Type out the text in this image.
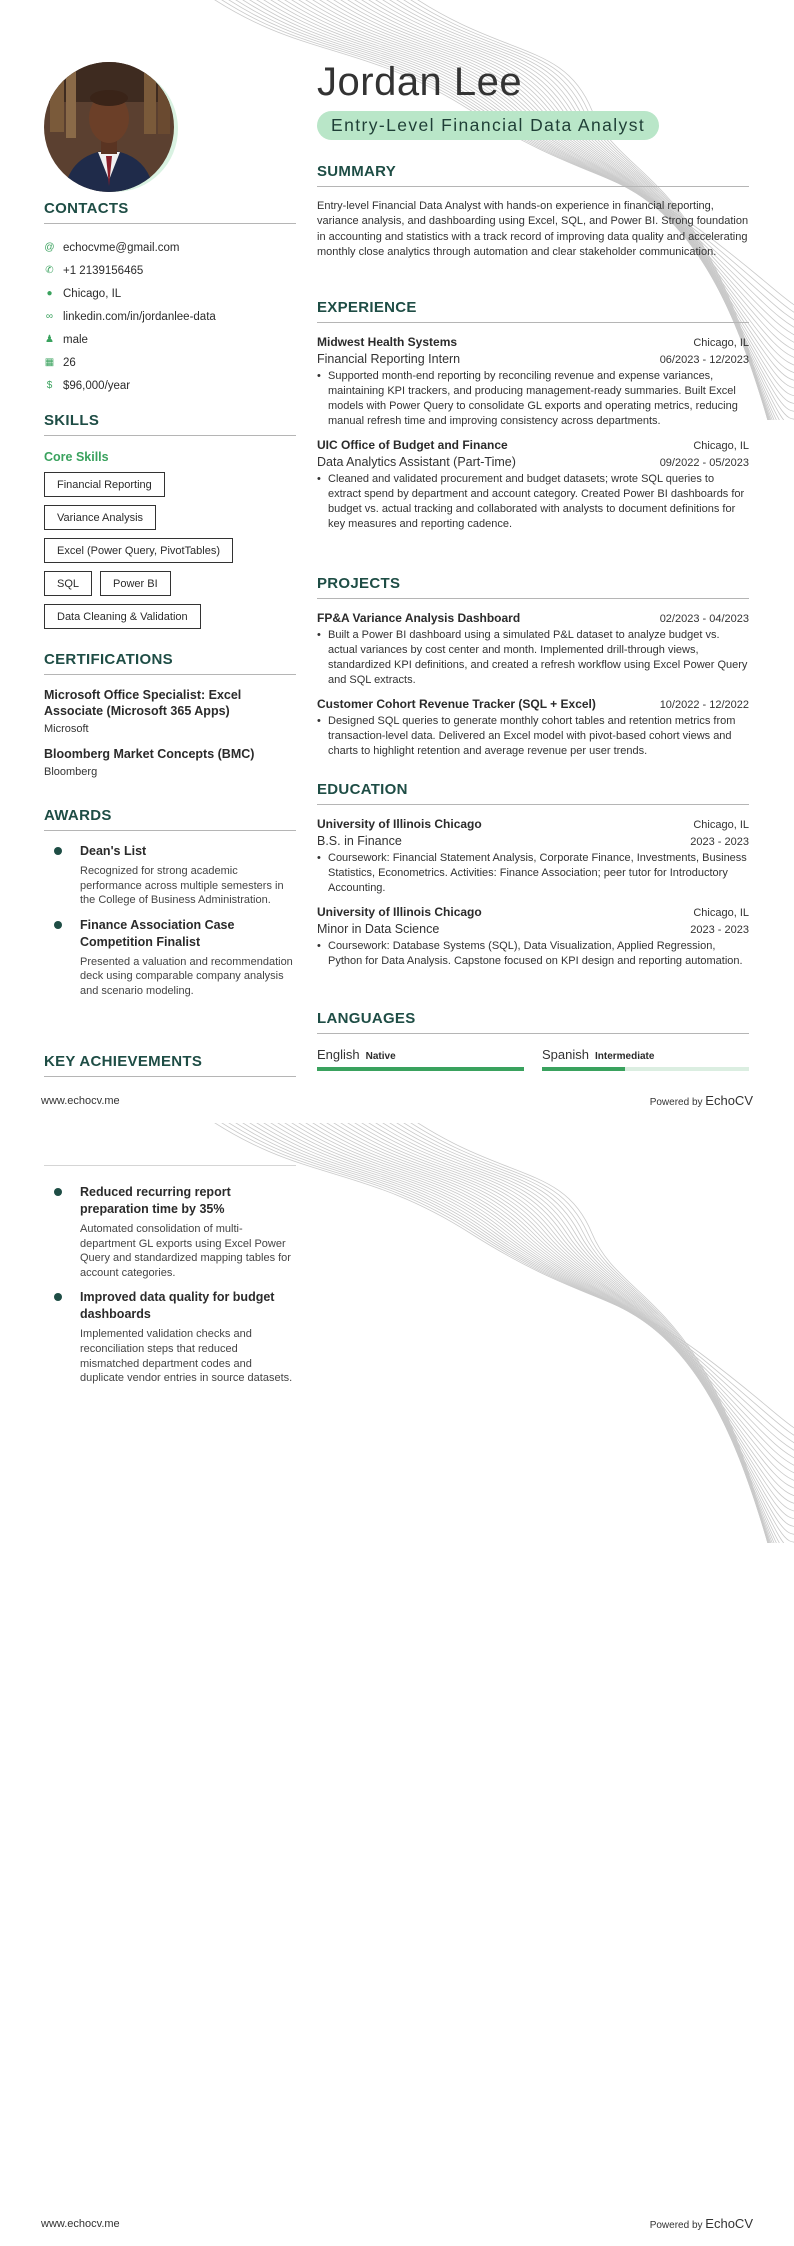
Jordan Lee
Entry-Level Financial Data Analyst
CONTACTS
@ echocvme@gmail.com
✆ +1 2139156465
● Chicago, IL
∞ linkedin.com/in/jordanlee-data
♟ male
▦ 26
$ $96,000/year
SKILLS
Core Skills
Financial Reporting
Variance Analysis
Excel (Power Query, PivotTables)
SQL	Power BI
Data Cleaning & Validation
CERTIFICATIONS
Microsoft Office Specialist: Excel Associate (Microsoft 365 Apps)
Microsoft
Bloomberg Market Concepts (BMC)
Bloomberg
AWARDS
Dean's List
Recognized for strong academic performance across multiple semesters in the College of Business Administration.
Finance Association Case Competition Finalist
Presented a valuation and recommendation deck using comparable company analysis and scenario modeling.
KEY ACHIEVEMENTS
SUMMARY
Entry-level Financial Data Analyst with hands-on experience in financial reporting, variance analysis, and dashboarding using Excel, SQL, and Power BI. Strong foundation in accounting and statistics with a track record of improving data quality and accelerating monthly close analytics through automation and clear stakeholder communication.
EXPERIENCE
Midwest Health Systems	Chicago, IL
Financial Reporting Intern	06/2023 - 12/2023
• Supported month-end reporting by reconciling revenue and expense variances, maintaining KPI trackers, and producing management-ready summaries. Built Excel models with Power Query to consolidate GL exports and operating metrics, reducing manual refresh time and improving consistency across departments.
UIC Office of Budget and Finance	Chicago, IL
Data Analytics Assistant (Part-Time)	09/2022 - 05/2023
• Cleaned and validated procurement and budget datasets; wrote SQL queries to extract spend by department and account category. Created Power BI dashboards for budget vs. actual tracking and collaborated with analysts to document definitions for key measures and reporting cadence.
PROJECTS
FP&A Variance Analysis Dashboard	02/2023 - 04/2023
• Built a Power BI dashboard using a simulated P&L dataset to analyze budget vs. actual variances by cost center and month. Implemented drill-through views, standardized KPI definitions, and created a refresh workflow using Excel Power Query and SQL extracts.
Customer Cohort Revenue Tracker (SQL + Excel)	10/2022 - 12/2022
• Designed SQL queries to generate monthly cohort tables and retention metrics from transaction-level data. Delivered an Excel model with pivot-based cohort views and charts to highlight retention and average revenue per user trends.
EDUCATION
University of Illinois Chicago	Chicago, IL
B.S. in Finance	2023 - 2023
• Coursework: Financial Statement Analysis, Corporate Finance, Investments, Business Statistics, Econometrics. Activities: Finance Association; peer tutor for Introductory Accounting.
University of Illinois Chicago	Chicago, IL
Minor in Data Science	2023 - 2023
• Coursework: Database Systems (SQL), Data Visualization, Applied Regression, Python for Data Analysis. Capstone focused on KPI design and reporting automation.
LANGUAGES
English Native	Spanish Intermediate
www.echocv.me	Powered by EchoCV
Reduced recurring report preparation time by 35%
Automated consolidation of multi-department GL exports using Excel Power Query and standardized mapping tables for account categories.
Improved data quality for budget dashboards
Implemented validation checks and reconciliation steps that reduced mismatched department codes and duplicate vendor entries in source datasets.
www.echocv.me	Powered by EchoCV
